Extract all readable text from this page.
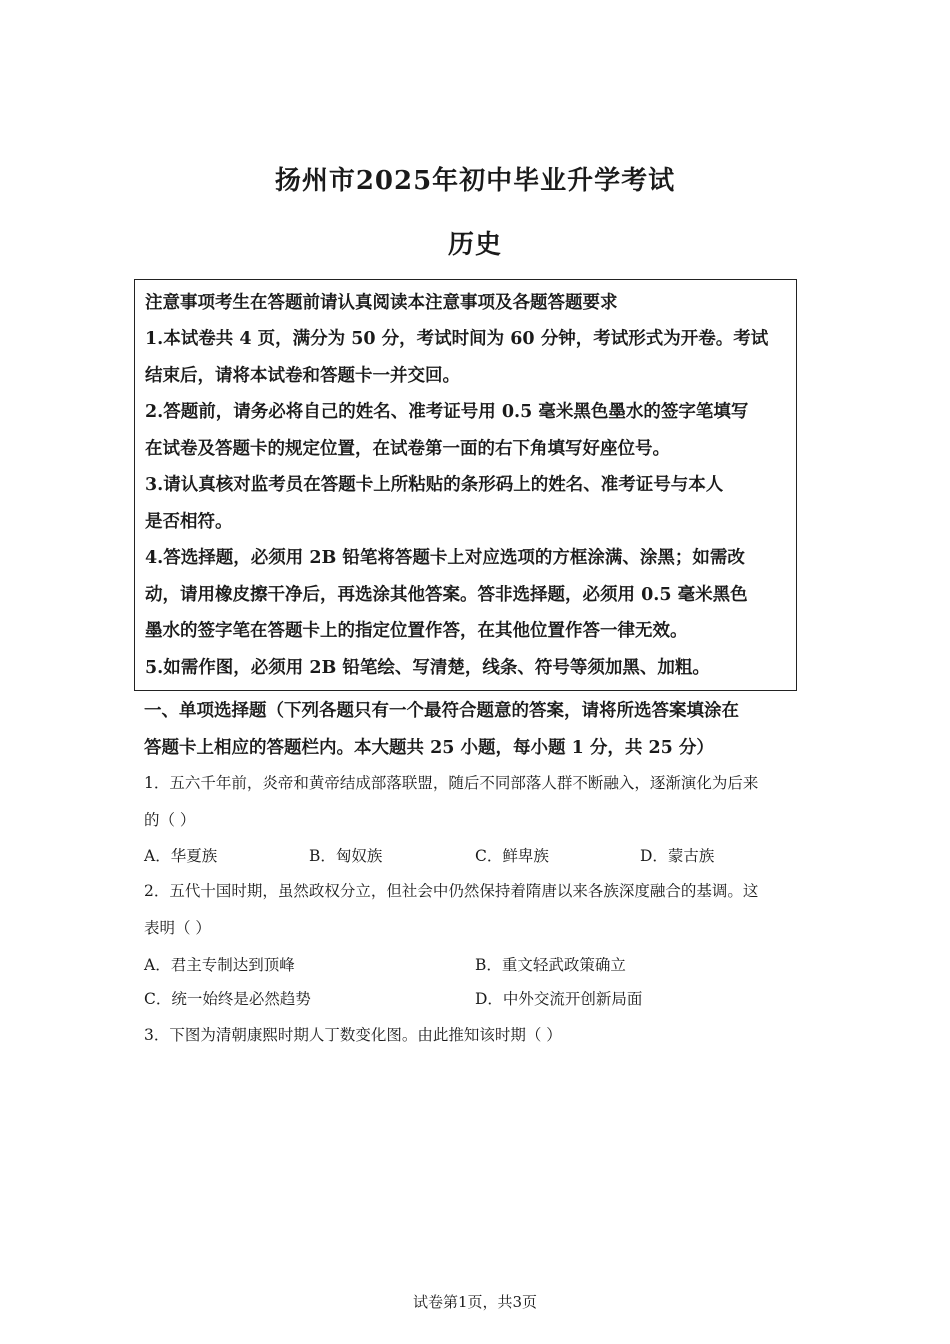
扬州市2025年初中毕业升学考试
历史
注意事项考生在答题前请认真阅读本注意事项及各题答题要求
1.本试卷共 4 页，满分为 50 分，考试时间为 60 分钟，考试形式为开卷。考试
结束后，请将本试卷和答题卡一并交回。
2.答题前，请务必将自己的姓名、准考证号用 0.5 毫米黑色墨水的签字笔填写
在试卷及答题卡的规定位置，在试卷第一面的右下角填写好座位号。
3.请认真核对监考员在答题卡上所粘贴的条形码上的姓名、准考证号与本人
是否相符。
4.答选择题，必须用 2B 铅笔将答题卡上对应选项的方框涂满、涂黑；如需改
动，请用橡皮擦干净后，再选涂其他答案。答非选择题，必须用 0.5 毫米黑色
墨水的签字笔在答题卡上的指定位置作答，在其他位置作答一律无效。
5.如需作图，必须用 2B 铅笔绘、写清楚，线条、符号等须加黑、加粗。
一、单项选择题（下列各题只有一个最符合题意的答案，请将所选答案填涂在
答题卡上相应的答题栏内。本大题共 25 小题，每小题 1 分，共 25 分）
1．五六千年前，炎帝和黄帝结成部落联盟，随后不同部落人群不断融入，逐渐演化为后来
的（ ）
A．华夏族	B．匈奴族	C．鲜卑族	D．蒙古族
2．五代十国时期，虽然政权分立，但社会中仍然保持着隋唐以来各族深度融合的基调。这
表明（ ）
A．君主专制达到顶峰	B．重文轻武政策确立
C．统一始终是必然趋势	D．中外交流开创新局面
3．下图为清朝康熙时期人丁数变化图。由此推知该时期（ ）
试卷第1页，共3页
